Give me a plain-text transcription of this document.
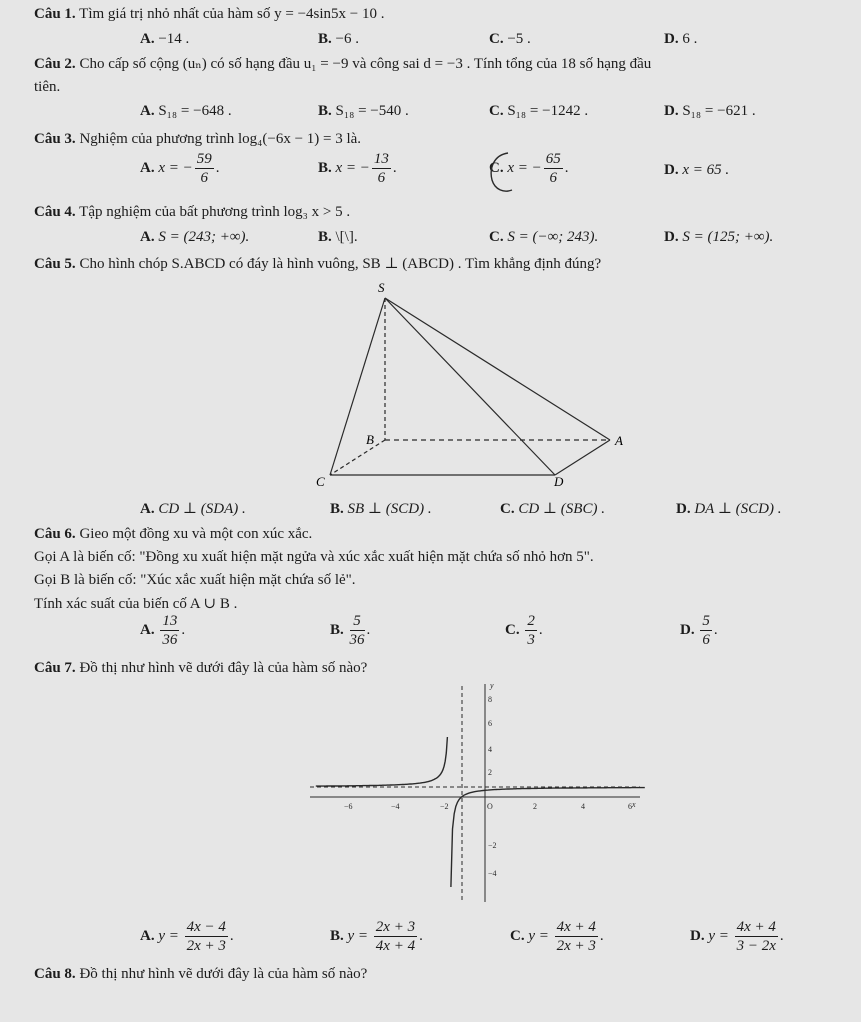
Câu 1. Tìm giá trị nhỏ nhất của hàm số y = −4sin5x − 10 .
A. −14 .	B. −6 .	C. −5 .	D. 6 .
Câu 2. Cho cấp số cộng (uₙ) có số hạng đầu u₁ = −9 và công sai d = −3 . Tính tổng của 18 số hạng đầu
tiên.
A. S₁₈ = −648 .	B. S₁₈ = −540 .	C. S₁₈ = −1242 .	D. S₁₈ = −621 .
Câu 3. Nghiệm của phương trình log₄(−6x − 1) = 3 là.
A. x = − $\frac{59}{6}$ .	B. x = − $\frac{13}{6}$ .	C. x = − $\frac{65}{6}$ .	D. x = 65 .
Câu 4. Tập nghiệm của bất phương trình log₃ x > 5 .
A. S = (243; +∞).	B. \[\].	C. S = (−∞; 243).	D. S = (125; +∞).
Câu 5. Cho hình chóp S.ABCD có đáy là hình vuông, SB ⊥ (ABCD) . Tìm khẳng định đúng?
S
A
B
C	D
A. CD ⊥ (SDA) .	B. SB ⊥ (SCD) .	C. CD ⊥ (SBC) .	D. DA ⊥ (SCD) .
Câu 6. Gieo một đồng xu và một con xúc xắc.
Gọi A là biến cố: "Đồng xu xuất hiện mặt ngửa và xúc xắc xuất hiện mặt chứa số nhỏ hơn 5".
Gọi B là biến cố: "Xúc xắc xuất hiện mặt chứa số lẻ".
Tính xác suất của biến cố A ∪ B .
A. $\frac{13}{36}$ .	B. $\frac{5}{36}$ .	C. $\frac{2}{3}$ .	D. $\frac{5}{6}$ .
Câu 7. Đồ thị như hình vẽ dưới đây là của hàm số nào?
y
x
−6	−4	−2	O	2	4	6
8
6
4
2
−2
−4
A. $y = \frac{4x - 4}{2x + 3}$ .	B. $y = \frac{2x + 3}{4x + 4}$ .	C. $y = \frac{4x + 4}{2x + 3}$ .	D. $y = \frac{4x + 4}{3 - 2x}$ .
Câu 8. Đồ thị như hình vẽ dưới đây là của hàm số nào?
